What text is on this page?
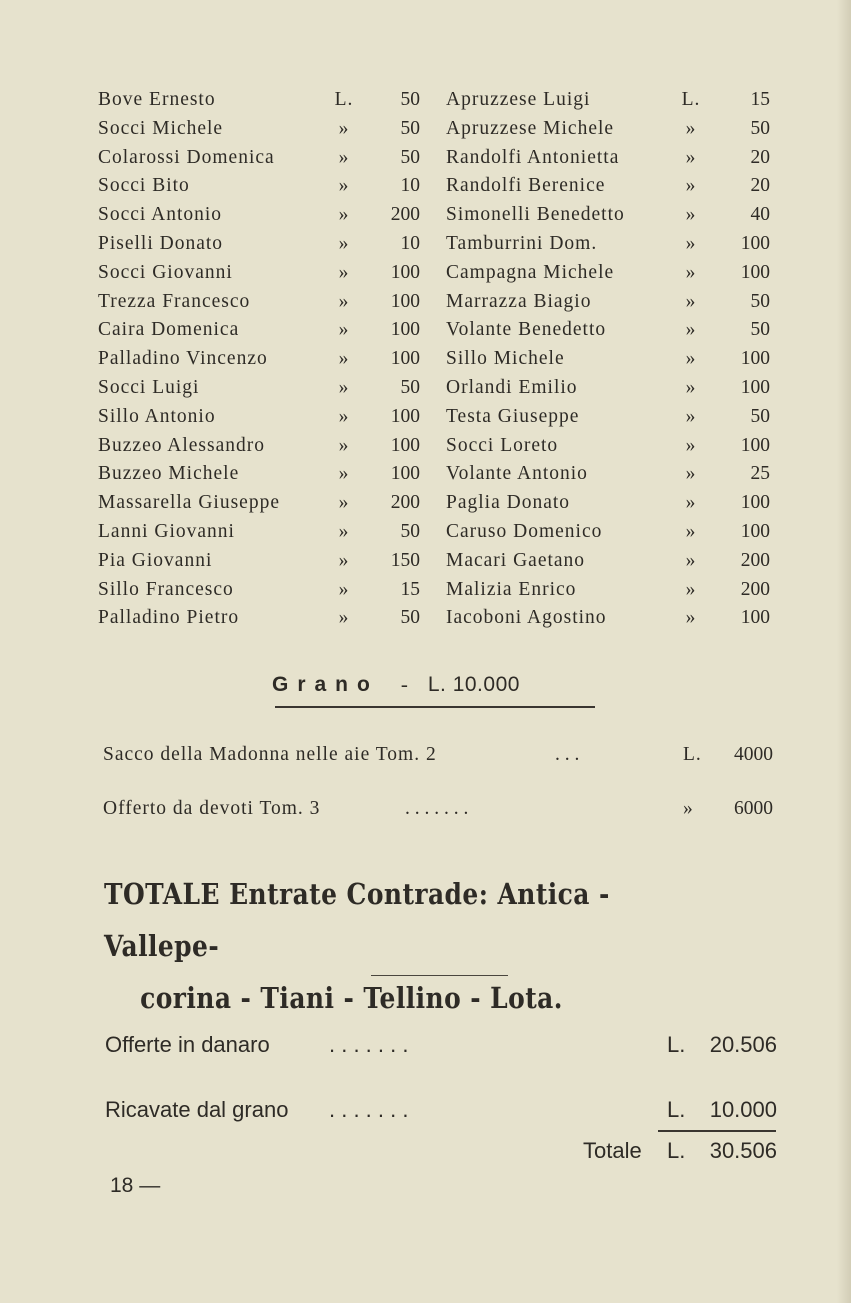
Bove Ernesto	L.	50 Apruzzese Luigi	L.	15
Socci Michele	»	50 Apruzzese Michele	»	50
Colarossi Domenica	»	50 Randolfi Antonietta	»	20
Socci Bito	»	10 Randolfi Berenice	»	20
Socci Antonio	»	200 Simonelli Benedetto	»	40
Piselli Donato	»	10 Tamburrini Dom.	»	100
Socci Giovanni	»	100 Campagna Michele	»	100
Trezza Francesco	»	100 Marrazza Biagio	»	50
Caira Domenica	»	100 Volante Benedetto	»	50
Palladino Vincenzo	»	100 Sillo Michele	»	100
Socci Luigi	»	50 Orlandi Emilio	»	100
Sillo Antonio	»	100 Testa Giuseppe	»	50
Buzzeo Alessandro	»	100 Socci Loreto	»	100
Buzzeo Michele	»	100 Volante Antonio	»	25
Massarella Giuseppe	»	200 Paglia Donato	»	100
Lanni Giovanni	»	50 Caruso Domenico	»	100
Pia Giovanni	»	150 Macari Gaetano	»	200
Sillo Francesco	»	15 Malizia Enrico	»	200
Palladino Pietro	»	50 Iacoboni Agostino	»	100
Grano - L. 10.000
Sacco della Madonna nelle aie Tom. 2	. . .	L.	4000
Offerto da devoti Tom. 3	. . . . . . .	»	6000
TOTALE Entrate Contrade: Antica - Vallepe-
corina - Tiani - Tellino - Lota.
Offerte in danaro	. . . . . . .	L.	20.506
Ricavate dal grano . . . . . . .	L.	10.000
Totale L.	30.506
18 —
